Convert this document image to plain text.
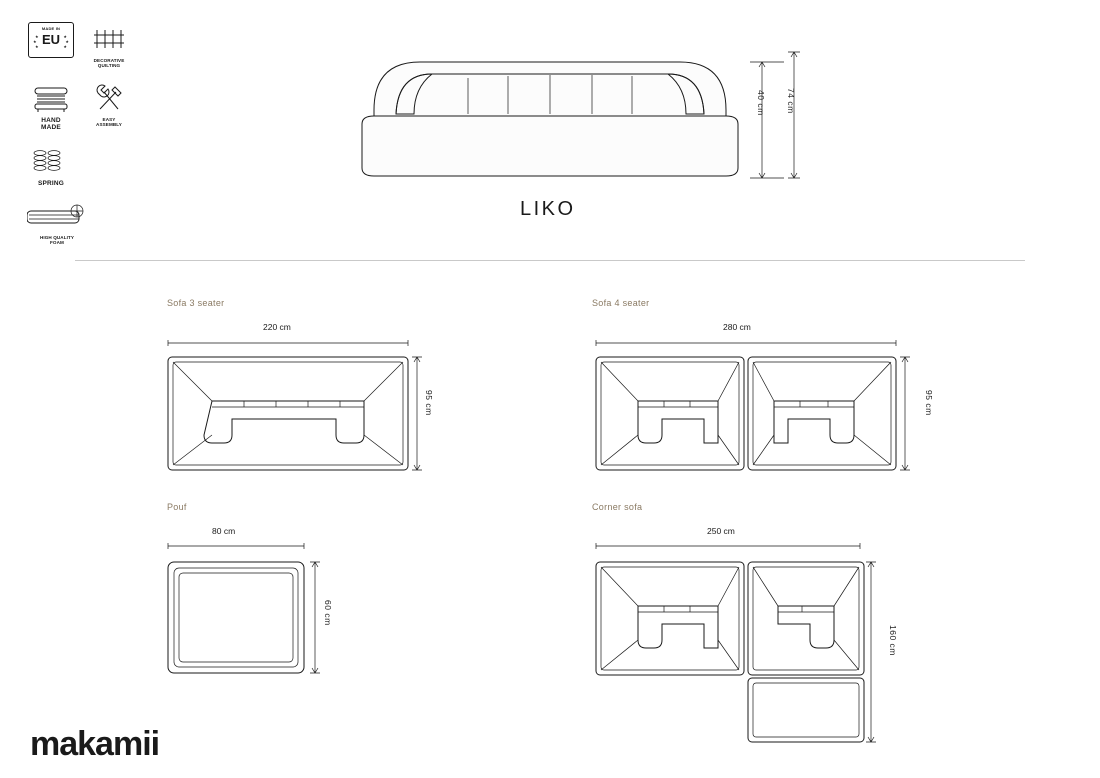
MADE IN
EU
★
★
★
★
★
★
DECORATIVE
QUILTING
HAND
MADE
EASY
ASSEMBLY
SPRING
HIGH QUALITY
FOAM
40 cm 74 cm
LIKO
Sofa 3 seater
220 cm
95 cm
Sofa 4 seater
280 cm
95 cm
Pouf
80 cm
60 cm
Corner sofa
250 cm
160 cm
makamii
